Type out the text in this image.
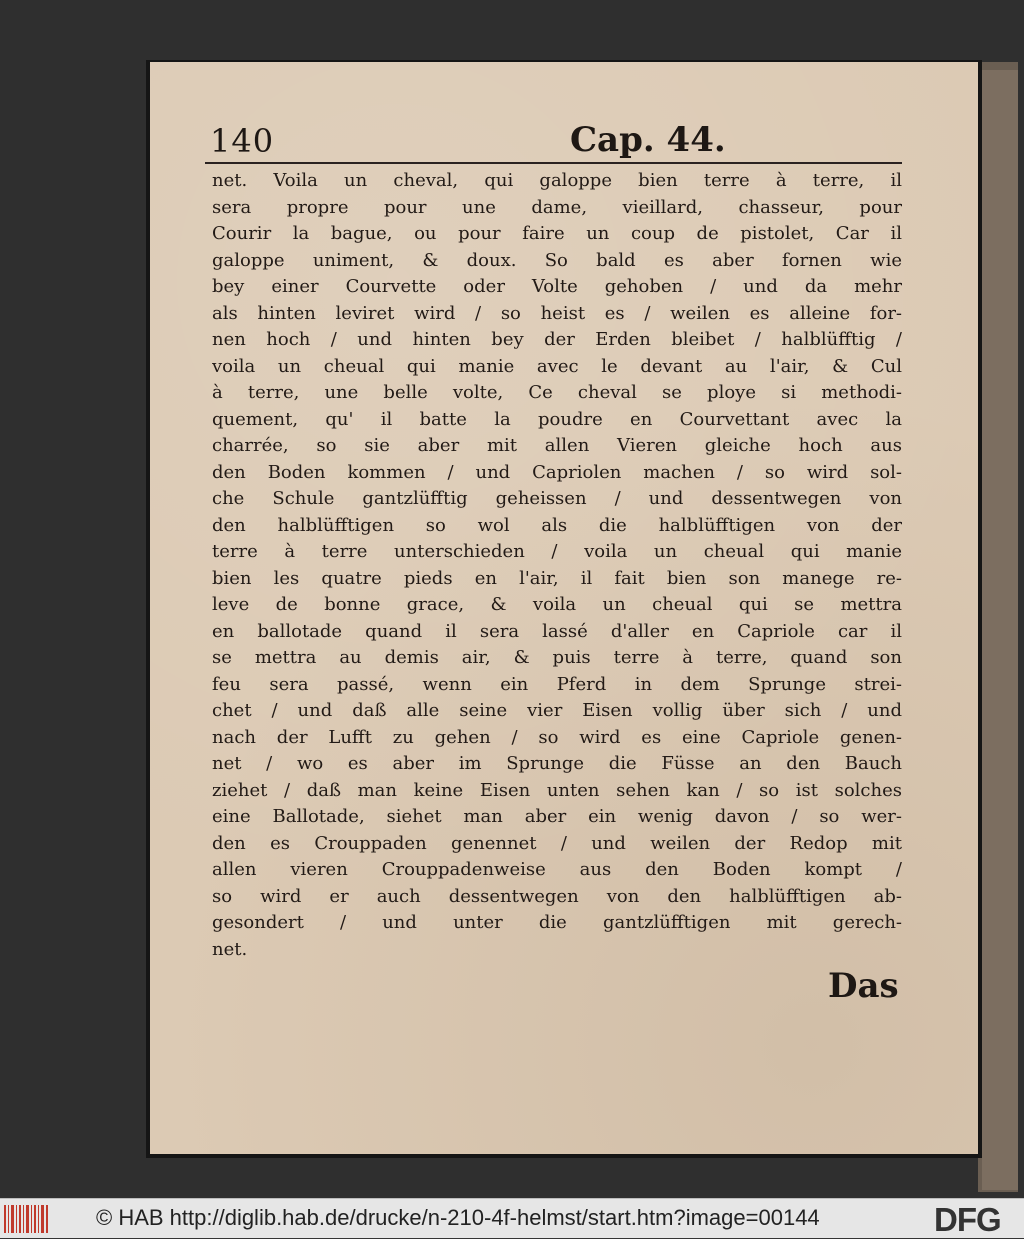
140	Cap. 44.
net. Voila un cheval, qui galoppe bien terre à terre, il
sera propre pour une dame, vieillard, chasseur, pour
Courir la bague, ou pour faire un coup de pistolet, Car il
galoppe uniment, & doux. So bald es aber fornen wie
bey einer Courvette oder Volte gehoben / und da mehr
als hinten leviret wird / so heist es / weilen es alleine for-
nen hoch / und hinten bey der Erden bleibet / halblüfftig /
voila un cheual qui manie avec le devant au l'air, & Cul
à terre, une belle volte, Ce cheval se ploye si methodi-
quement, qu' il batte la poudre en Courvettant avec la
charrée, so sie aber mit allen Vieren gleiche hoch aus
den Boden kommen / und Capriolen machen / so wird sol-
che Schule gantzlüfftig geheissen / und dessentwegen von
den halblüfftigen so wol als die halblüfftigen von der
terre à terre unterschieden / voila un cheual qui manie
bien les quatre pieds en l'air, il fait bien son manege re-
leve de bonne grace, & voila un cheual qui se mettra
en ballotade quand il sera lassé d'aller en Capriole car il
se mettra au demis air, & puis terre à terre, quand son
feu sera passé, wenn ein Pferd in dem Sprunge strei-
chet / und daß alle seine vier Eisen vollig über sich / und
nach der Lufft zu gehen / so wird es eine Capriole genen-
net / wo es aber im Sprunge die Füsse an den Bauch
ziehet / daß man keine Eisen unten sehen kan / so ist solches
eine Ballotade, siehet man aber ein wenig davon / so wer-
den es Crouppaden genennet / und weilen der Redop mit
allen vieren Crouppadenweise aus den Boden kompt /
so wird er auch dessentwegen von den halblüfftigen ab-
gesondert / und unter die gantzlüfftigen mit gerech-
net.
Das
© HAB http://diglib.hab.de/drucke/n-210-4f-helmst/start.htm?image=00144	DFG
